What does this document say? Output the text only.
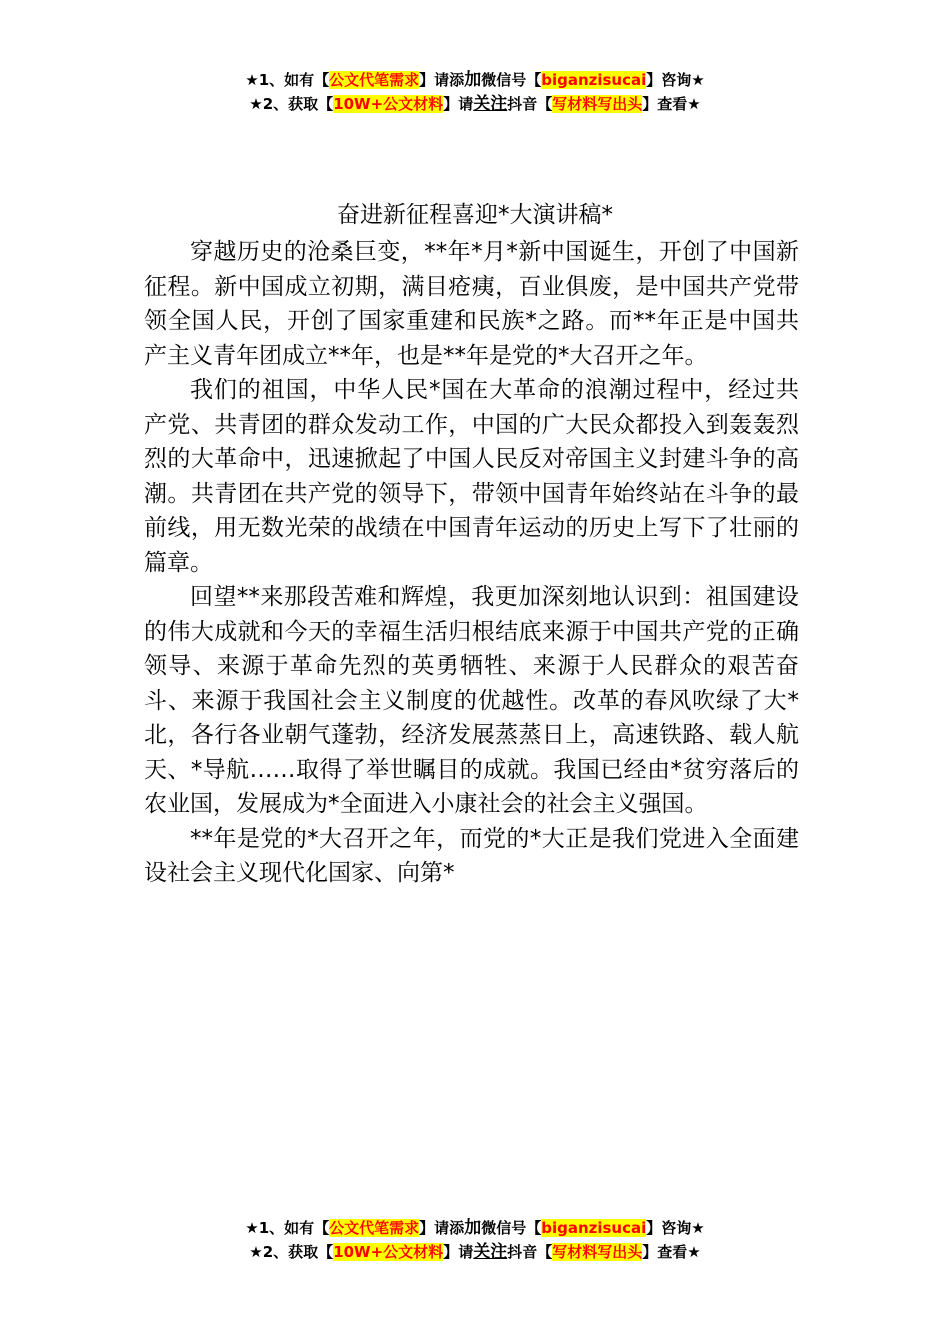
★1、如有【公文代笔需求】请添加微信号【biganzisucai】咨询★
★2、获取【10W+公文材料】请关注抖音【写材料写出头】查看★
奋进新征程喜迎*大演讲稿*

穿越历史的沧桑巨变，**年*月*新中国诞生，开创了中国新征程。新中国成立初期，满目疮痍，百业俱废，是中国共产党带领全国人民，开创了国家重建和民族*之路。而**年正是中国共产主义青年团成立**年，也是**年是党的*大召开之年。

我们的祖国，中华人民*国在大革命的浪潮过程中，经过共产党、共青团的群众发动工作，中国的广大民众都投入到轰轰烈烈的大革命中，迅速掀起了中国人民反对帝国主义封建斗争的高潮。共青团在共产党的领导下，带领中国青年始终站在斗争的最前线，用无数光荣的战绩在中国青年运动的历史上写下了壮丽的篇章。

回望**来那段苦难和辉煌，我更加深刻地认识到：祖国建设的伟大成就和今天的幸福生活归根结底来源于中国共产党的正确领导、来源于革命先烈的英勇牺牲、来源于人民群众的艰苦奋斗、来源于我国社会主义制度的优越性。改革的春风吹绿了大*北，各行各业朝气蓬勃，经济发展蒸蒸日上，高速铁路、载人航天、*导航……取得了举世瞩目的成就。我国已经由*贫穷落后的农业国，发展成为*全面进入小康社会的社会主义强国。

**年是党的*大召开之年，而党的*大正是我们党进入全面建设社会主义现代化国家、向第*

★1、如有【公文代笔需求】请添加微信号【biganzisucai】咨询★
★2、获取【10W+公文材料】请关注抖音【写材料写出头】查看★
